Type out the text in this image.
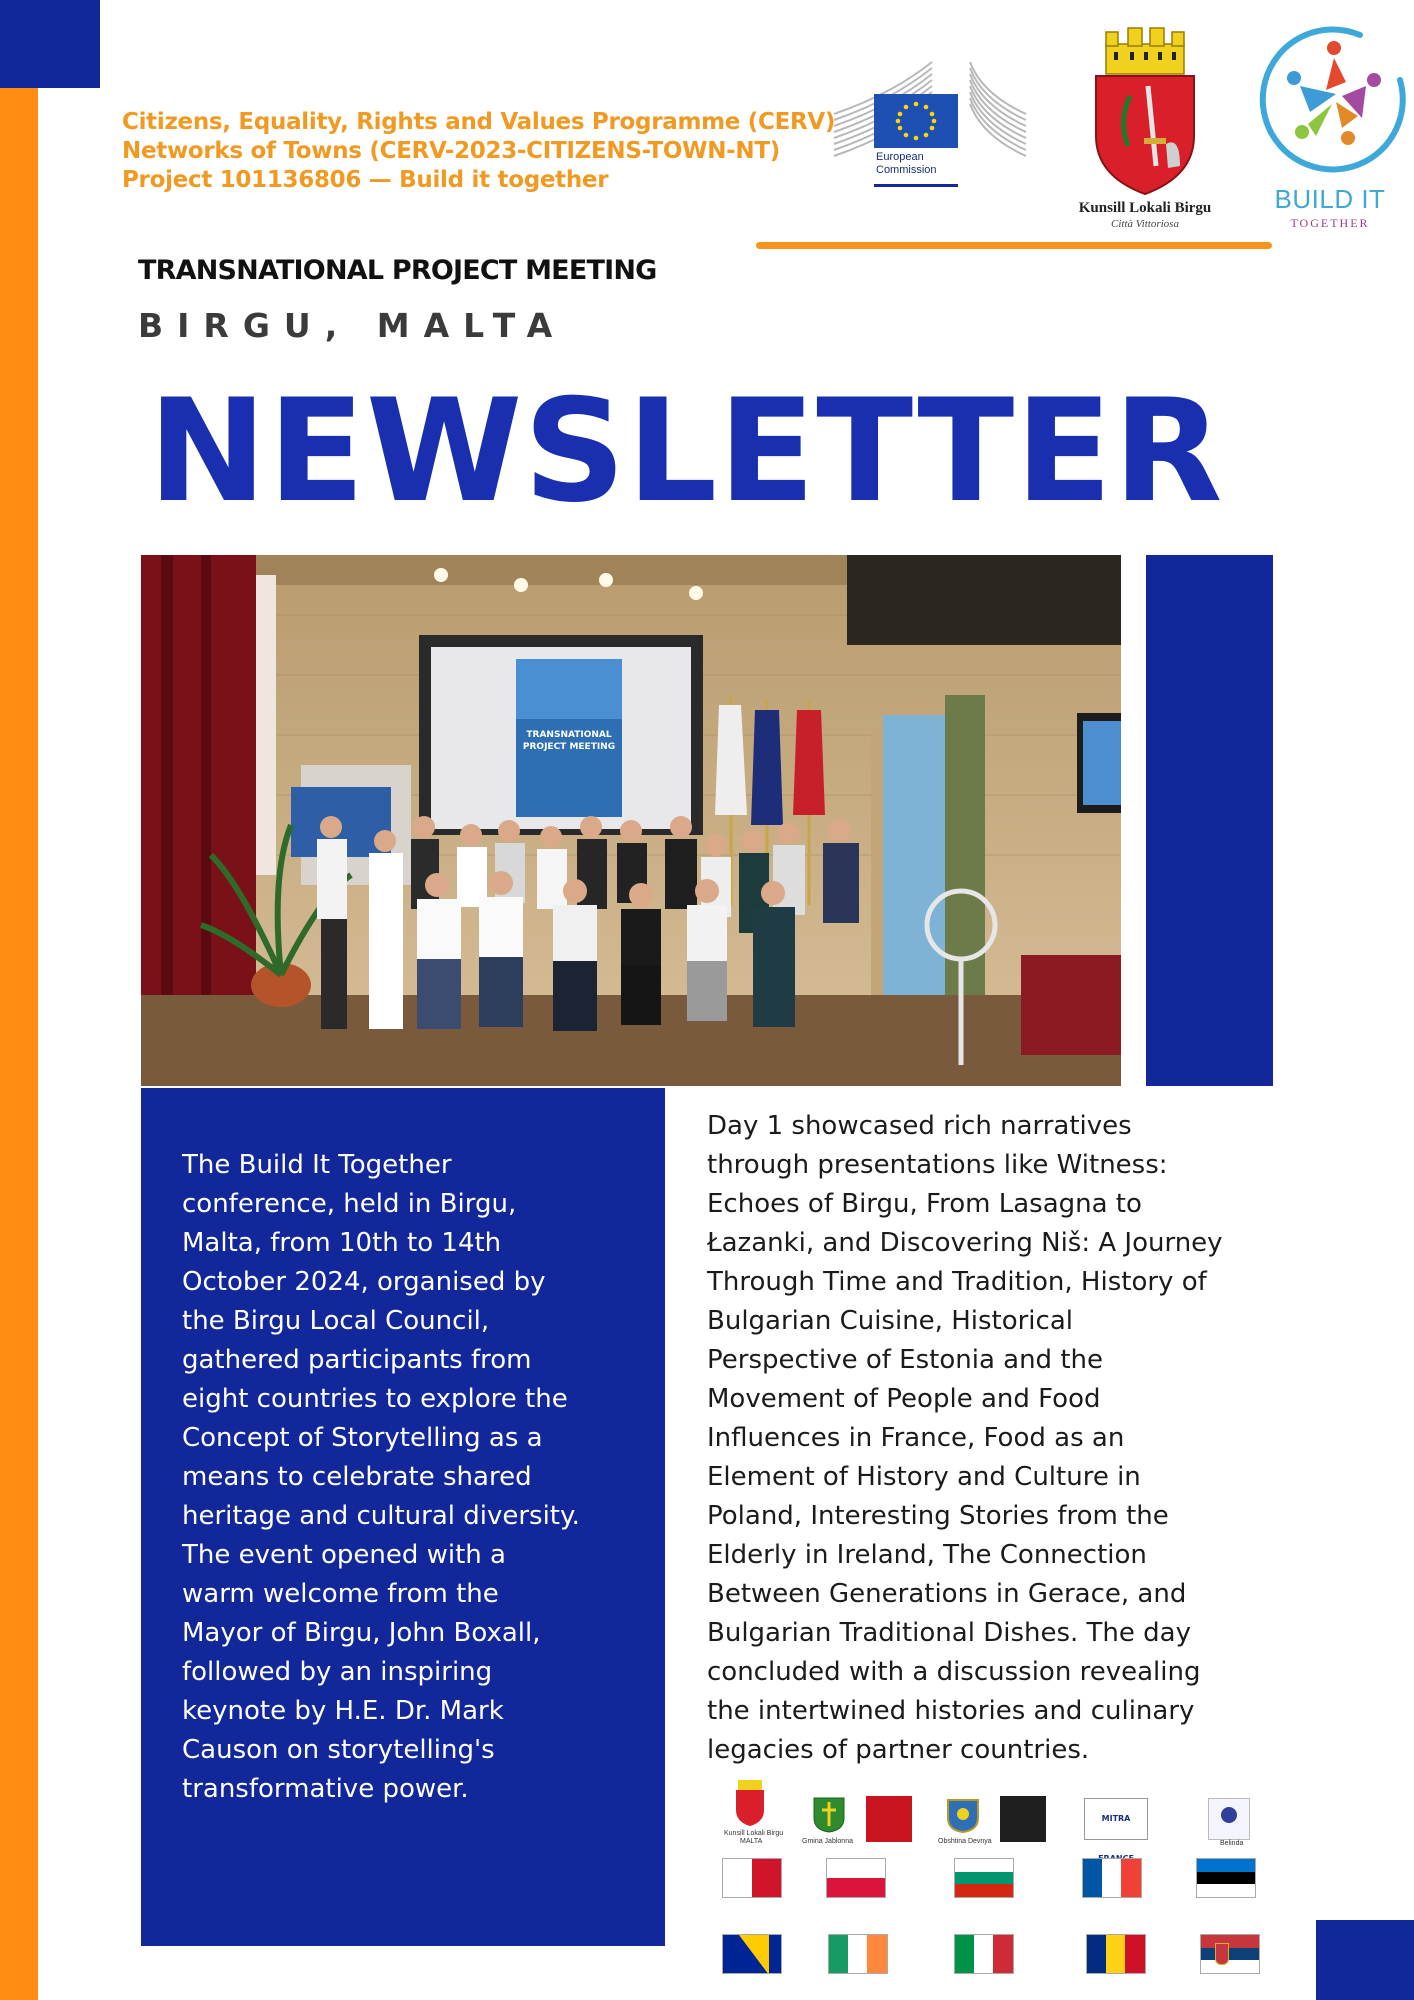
Citizens, Equality, Rights and Values Programme (CERV)
Networks of Towns (CERV-2023-CITIZENS-TOWN-NT)
Project 101136806 — Build it together
European
Commission
Kunsill Lokali Birgu
Città Vittoriosa
BUILD IT
TOGETHER
TRANSNATIONAL PROJECT MEETING
BIRGU, MALTA
NEWSLETTER
TRANSNATIONAL
PROJECT MEETING
The Build It Together
conference, held in Birgu,
Malta, from 10th to 14th
October 2024, organised by
the Birgu Local Council,
gathered participants from
eight countries to explore the
Concept of Storytelling as a
means to celebrate shared
heritage and cultural diversity.
The event opened with a
warm welcome from the
Mayor of Birgu, John Boxall,
followed by an inspiring
keynote by H.E. Dr. Mark
Causon on storytelling's
transformative power.
Day 1 showcased rich narratives
through presentations like Witness:
Echoes of Birgu, From Lasagna to
Łazanki, and Discovering Niš: A Journey
Through Time and Tradition, History of
Bulgarian Cuisine, Historical
Perspective of Estonia and the
Movement of People and Food
Influences in France, Food as an
Element of History and Culture in
Poland, Interesting Stories from the
Elderly in Ireland, The Connection
Between Generations in Gerace, and
Bulgarian Traditional Dishes. The day
concluded with a discussion revealing
the intertwined histories and culinary
legacies of partner countries.
Kunsill Lokali Birgu
MALTA	Gmina Jablonna	Obshtina Devnya
MITRA
Belinda
